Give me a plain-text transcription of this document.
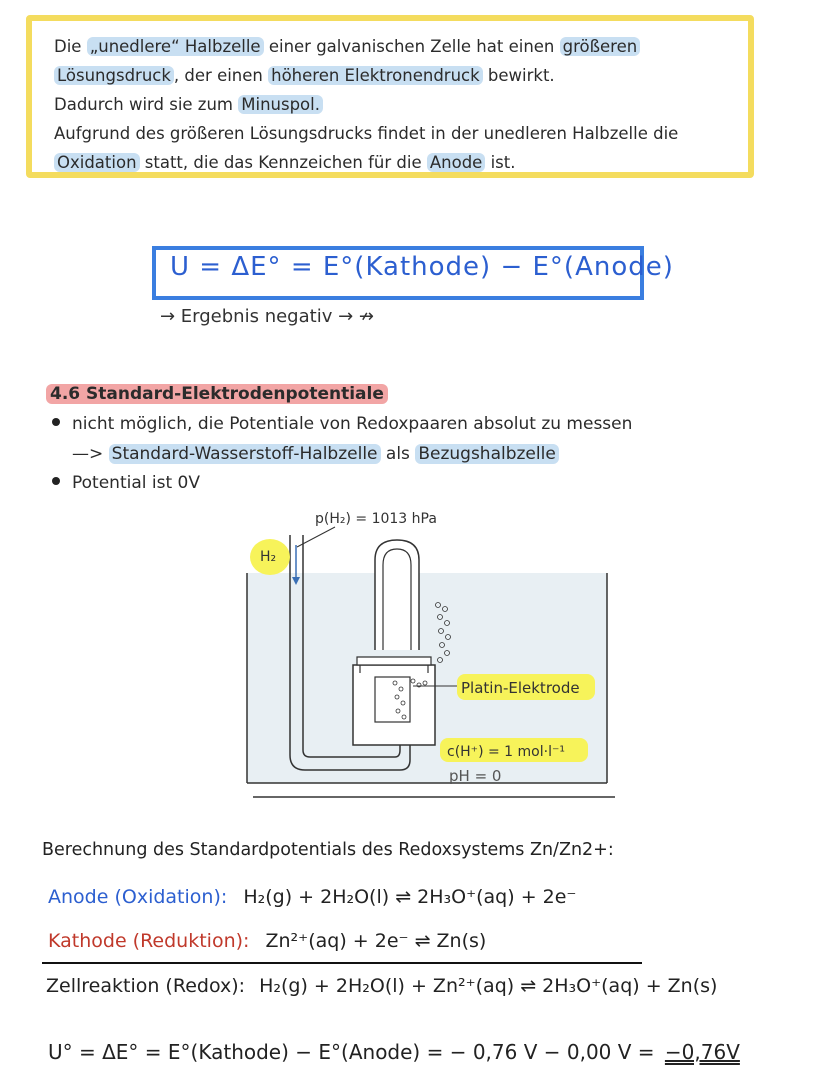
Die „unedlere“ Halbzelle einer galvanischen Zelle hat einen größeren
Lösungsdruck , der einen höheren Elektronendruck bewirkt.
Dadurch wird sie zum Minuspol.
Aufgrund des größeren Lösungsdrucks findet in der unedleren Halbzelle die
Oxidation statt, die das Kennzeichen für die Anode ist.
U = ΔE° = E°(Kathode) − E°(Anode)
→ Ergebnis negativ → ↛
4.6 Standard-Elektrodenpotentiale
nicht möglich, die Potentiale von Redoxpaaren absolut zu messen
—> Standard-Wasserstoff-Halbzelle als Bezugshalbzelle
Potential ist 0V
Platin-Elektrode
p(H₂) = 1013 hPa
H₂
c(H⁺) = 1 mol·l⁻¹
pH = 0
Berechnung des Standardpotentials des Redoxsystems Zn/Zn2+:
Anode (Oxidation): H₂(g) + 2H₂O(l) ⇌ 2H₃O⁺(aq) + 2e⁻
Kathode (Reduktion): Zn²⁺(aq) + 2e⁻ ⇌ Zn(s)
Zellreaktion (Redox): H₂(g) + 2H₂O(l) + Zn²⁺(aq) ⇌ 2H₃O⁺(aq) + Zn(s)
U° = ΔE° = E°(Kathode) − E°(Anode) = − 0,76 V − 0,00 V = −0,76V
